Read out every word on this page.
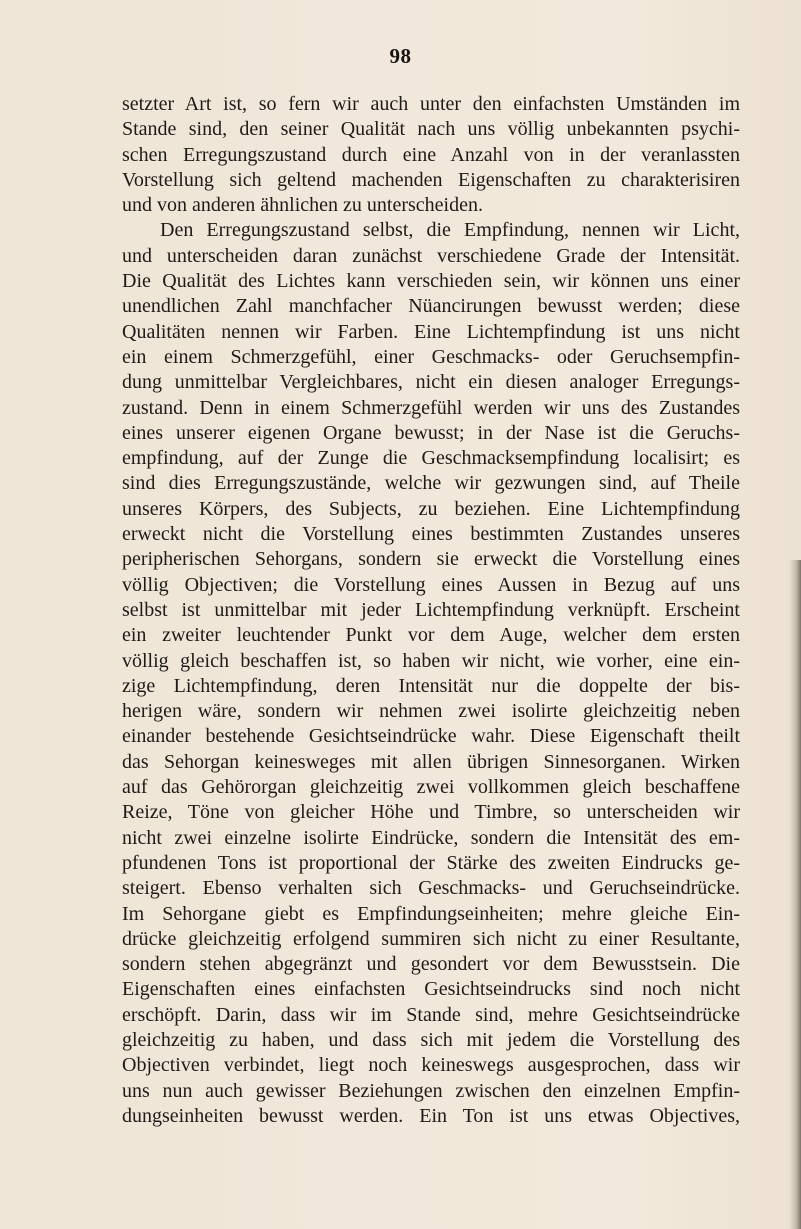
98
setzter Art ist, so fern wir auch unter den einfachsten Umständen im
Stande sind, den seiner Qualität nach uns völlig unbekannten psychi-
schen Erregungszustand durch eine Anzahl von in der veranlassten
Vorstellung sich geltend machenden Eigenschaften zu charakterisiren
und von anderen ähnlichen zu unterscheiden.
Den Erregungszustand selbst, die Empfindung, nennen wir Licht,
und unterscheiden daran zunächst verschiedene Grade der Intensität.
Die Qualität des Lichtes kann verschieden sein, wir können uns einer
unendlichen Zahl manchfacher Nüancirungen bewusst werden; diese
Qualitäten nennen wir Farben. Eine Lichtempfindung ist uns nicht
ein einem Schmerzgefühl, einer Geschmacks- oder Geruchsempfin-
dung unmittelbar Vergleichbares, nicht ein diesen analoger Erregungs-
zustand. Denn in einem Schmerzgefühl werden wir uns des Zustandes
eines unserer eigenen Organe bewusst; in der Nase ist die Geruchs-
empfindung, auf der Zunge die Geschmacksempfindung localisirt; es
sind dies Erregungszustände, welche wir gezwungen sind, auf Theile
unseres Körpers, des Subjects, zu beziehen. Eine Lichtempfindung
erweckt nicht die Vorstellung eines bestimmten Zustandes unseres
peripherischen Sehorgans, sondern sie erweckt die Vorstellung eines
völlig Objectiven; die Vorstellung eines Aussen in Bezug auf uns
selbst ist unmittelbar mit jeder Lichtempfindung verknüpft. Erscheint
ein zweiter leuchtender Punkt vor dem Auge, welcher dem ersten
völlig gleich beschaffen ist, so haben wir nicht, wie vorher, eine ein-
zige Lichtempfindung, deren Intensität nur die doppelte der bis-
herigen wäre, sondern wir nehmen zwei isolirte gleichzeitig neben
einander bestehende Gesichtseindrücke wahr. Diese Eigenschaft theilt
das Sehorgan keinesweges mit allen übrigen Sinnesorganen. Wirken
auf das Gehörorgan gleichzeitig zwei vollkommen gleich beschaffene
Reize, Töne von gleicher Höhe und Timbre, so unterscheiden wir
nicht zwei einzelne isolirte Eindrücke, sondern die Intensität des em-
pfundenen Tons ist proportional der Stärke des zweiten Eindrucks ge-
steigert. Ebenso verhalten sich Geschmacks- und Geruchseindrücke.
Im Sehorgane giebt es Empfindungseinheiten; mehre gleiche Ein-
drücke gleichzeitig erfolgend summiren sich nicht zu einer Resultante,
sondern stehen abgegränzt und gesondert vor dem Bewusstsein. Die
Eigenschaften eines einfachsten Gesichtseindrucks sind noch nicht
erschöpft. Darin, dass wir im Stande sind, mehre Gesichtseindrücke
gleichzeitig zu haben, und dass sich mit jedem die Vorstellung des
Objectiven verbindet, liegt noch keineswegs ausgesprochen, dass wir
uns nun auch gewisser Beziehungen zwischen den einzelnen Empfin-
dungseinheiten bewusst werden. Ein Ton ist uns etwas Objectives,
